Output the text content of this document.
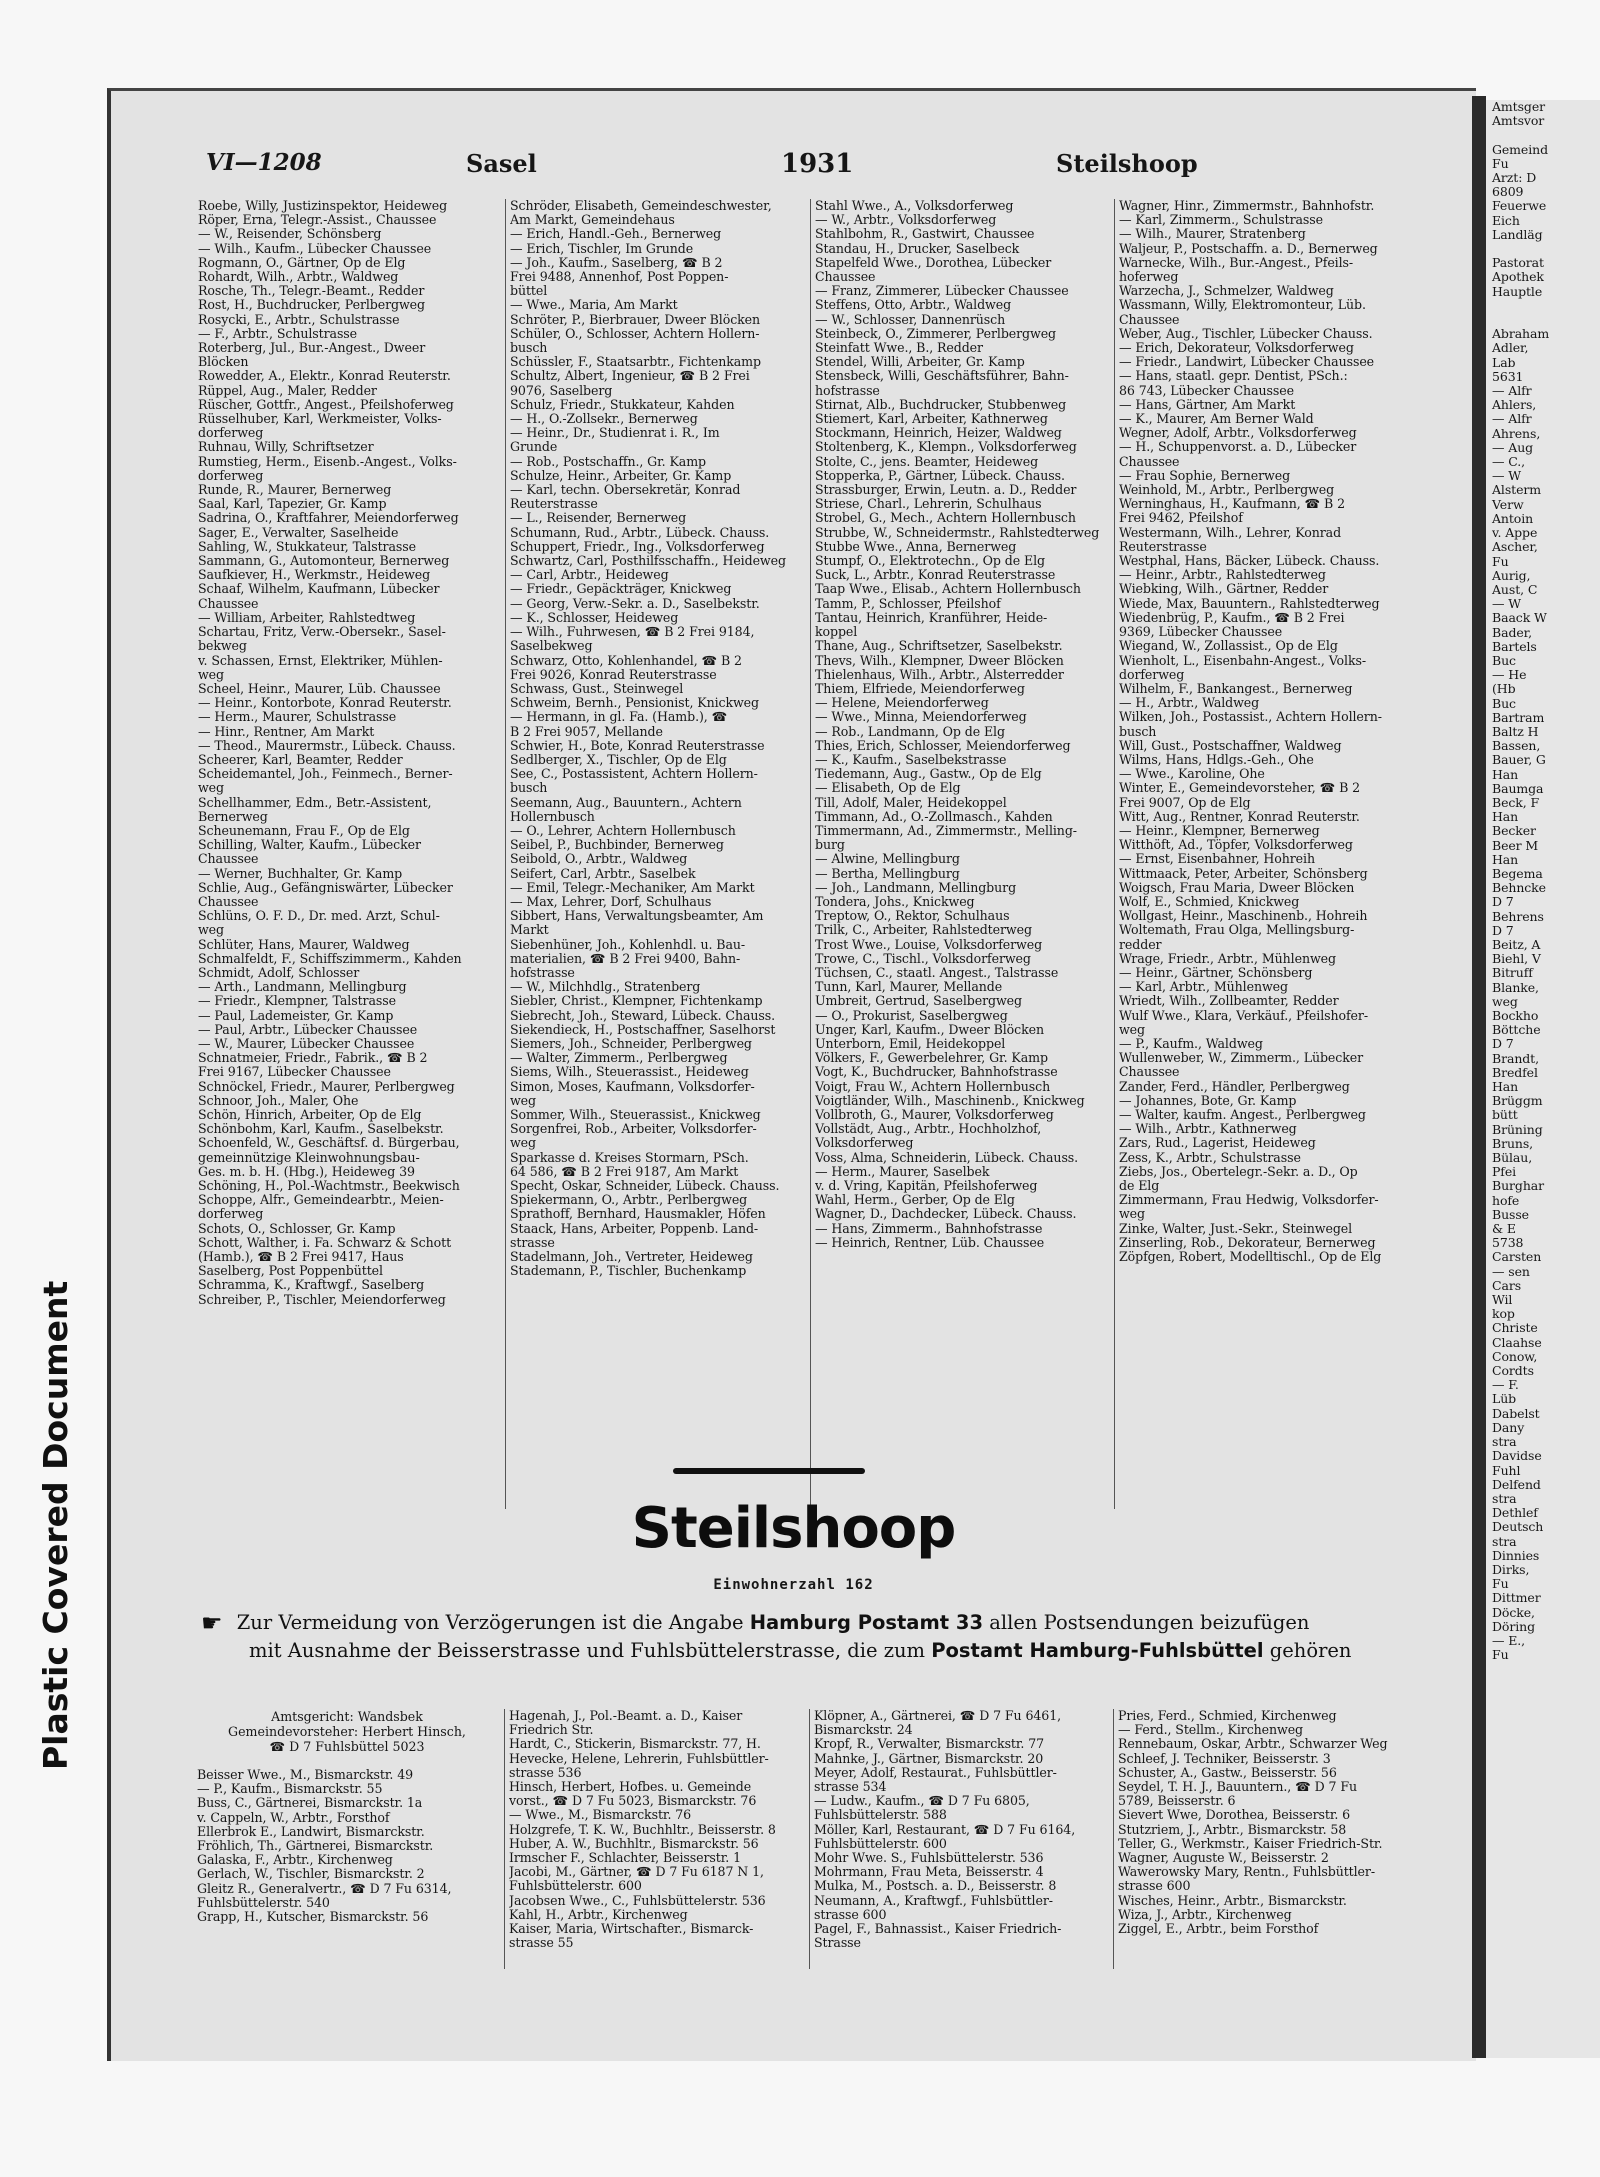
Plastic Covered Document
VI—1208	Sasel	1931	Steilshoop
Roebe, Willy, Justizinspektor, Heideweg
Röper, Erna, Telegr.-Assist., Chaussee
— W., Reisender, Schönsberg
— Wilh., Kaufm., Lübecker Chaussee
Rogmann, O., Gärtner, Op de Elg
Rohardt, Wilh., Arbtr., Waldweg
Rosche, Th., Telegr.-Beamt., Redder
Rost, H., Buchdrucker, Perlbergweg
Rosycki, E., Arbtr., Schulstrasse
— F., Arbtr., Schulstrasse
Roterberg, Jul., Bur.-Angest., Dweer
Blöcken
Rowedder, A., Elektr., Konrad Reuterstr.
Rüppel, Aug., Maler, Redder
Rüscher, Gottfr., Angest., Pfeilshoferweg
Rüsselhuber, Karl, Werkmeister, Volks-
dorferweg
Ruhnau, Willy, Schriftsetzer
Rumstieg, Herm., Eisenb.-Angest., Volks-
dorferweg
Runde, R., Maurer, Bernerweg
Saal, Karl, Tapezier, Gr. Kamp
Sadrina, O., Kraftfahrer, Meiendorferweg
Sager, E., Verwalter, Saselheide
Sahling, W., Stukkateur, Talstrasse
Sammann, G., Automonteur, Bernerweg
Saufkiever, H., Werkmstr., Heideweg
Schaaf, Wilhelm, Kaufmann, Lübecker
Chaussee
— William, Arbeiter, Rahlstedtweg
Schartau, Fritz, Verw.-Obersekr., Sasel-
bekweg
v. Schassen, Ernst, Elektriker, Mühlen-
weg
Scheel, Heinr., Maurer, Lüb. Chaussee
— Heinr., Kontorbote, Konrad Reuterstr.
— Herm., Maurer, Schulstrasse
— Hinr., Rentner, Am Markt
— Theod., Maurermstr., Lübeck. Chauss.
Scheerer, Karl, Beamter, Redder
Scheidemantel, Joh., Feinmech., Berner-
weg
Schellhammer, Edm., Betr.-Assistent,
Bernerweg
Scheunemann, Frau F., Op de Elg
Schilling, Walter, Kaufm., Lübecker
Chaussee
— Werner, Buchhalter, Gr. Kamp
Schlie, Aug., Gefängniswärter, Lübecker
Chaussee
Schlüns, O. F. D., Dr. med. Arzt, Schul-
weg
Schlüter, Hans, Maurer, Waldweg
Schmalfeldt, F., Schiffszimmerm., Kahden
Schmidt, Adolf, Schlosser
— Arth., Landmann, Mellingburg
— Friedr., Klempner, Talstrasse
— Paul, Lademeister, Gr. Kamp
— Paul, Arbtr., Lübecker Chaussee
— W., Maurer, Lübecker Chaussee
Schnatmeier, Friedr., Fabrik., ☎ B 2
Frei 9167, Lübecker Chaussee
Schnöckel, Friedr., Maurer, Perlbergweg
Schnoor, Joh., Maler, Ohe
Schön, Hinrich, Arbeiter, Op de Elg
Schönbohm, Karl, Kaufm., Saselbekstr.
Schoenfeld, W., Geschäftsf. d. Bürgerbau,
gemeinnützige Kleinwohnungsbau-
Ges. m. b. H. (Hbg.), Heideweg 39
Schöning, H., Pol.-Wachtmstr., Beekwisch
Schoppe, Alfr., Gemeindearbtr., Meien-
dorferweg
Schots, O., Schlosser, Gr. Kamp
Schott, Walther, i. Fa. Schwarz & Schott
(Hamb.), ☎ B 2 Frei 9417, Haus
Saselberg, Post Poppenbüttel
Schramma, K., Kraftwgf., Saselberg
Schreiber, P., Tischler, Meiendorferweg
Schröder, Elisabeth, Gemeindeschwester,
Am Markt, Gemeindehaus
— Erich, Handl.-Geh., Bernerweg
— Erich, Tischler, Im Grunde
— Joh., Kaufm., Saselberg, ☎ B 2
Frei 9488, Annenhof, Post Poppen-
büttel
— Wwe., Maria, Am Markt
Schröter, P., Bierbrauer, Dweer Blöcken
Schüler, O., Schlosser, Achtern Hollern-
busch
Schüssler, F., Staatsarbtr., Fichtenkamp
Schultz, Albert, Ingenieur, ☎ B 2 Frei
9076, Saselberg
Schulz, Friedr., Stukkateur, Kahden
— H., O.-Zollsekr., Bernerweg
— Heinr., Dr., Studienrat i. R., Im
Grunde
— Rob., Postschaffn., Gr. Kamp
Schulze, Heinr., Arbeiter, Gr. Kamp
— Karl, techn. Obersekretär, Konrad
Reuterstrasse
— L., Reisender, Bernerweg
Schumann, Rud., Arbtr., Lübeck. Chauss.
Schuppert, Friedr., Ing., Volksdorferweg
Schwartz, Carl, Posthilfsschaffn., Heideweg
— Carl, Arbtr., Heideweg
— Friedr., Gepäckträger, Knickweg
— Georg, Verw.-Sekr. a. D., Saselbekstr.
— K., Schlosser, Heideweg
— Wilh., Fuhrwesen, ☎ B 2 Frei 9184,
Saselbekweg
Schwarz, Otto, Kohlenhandel, ☎ B 2
Frei 9026, Konrad Reuterstrasse
Schwass, Gust., Steinwegel
Schweim, Bernh., Pensionist, Knickweg
— Hermann, in gl. Fa. (Hamb.), ☎
B 2 Frei 9057, Mellande
Schwier, H., Bote, Konrad Reuterstrasse
Sedlberger, X., Tischler, Op de Elg
See, C., Postassistent, Achtern Hollern-
busch
Seemann, Aug., Bauuntern., Achtern
Hollernbusch
— O., Lehrer, Achtern Hollernbusch
Seibel, P., Buchbinder, Bernerweg
Seibold, O., Arbtr., Waldweg
Seifert, Carl, Arbtr., Saselbek
— Emil, Telegr.-Mechaniker, Am Markt
— Max, Lehrer, Dorf, Schulhaus
Sibbert, Hans, Verwaltungsbeamter, Am
Markt
Siebenhüner, Joh., Kohlenhdl. u. Bau-
materialien, ☎ B 2 Frei 9400, Bahn-
hofstrasse
— W., Milchhdlg., Stratenberg
Siebler, Christ., Klempner, Fichtenkamp
Siebrecht, Joh., Steward, Lübeck. Chauss.
Siekendieck, H., Postschaffner, Saselhorst
Siemers, Joh., Schneider, Perlbergweg
— Walter, Zimmerm., Perlbergweg
Siems, Wilh., Steuerassist., Heideweg
Simon, Moses, Kaufmann, Volksdorfer-
weg
Sommer, Wilh., Steuerassist., Knickweg
Sorgenfrei, Rob., Arbeiter, Volksdorfer-
weg
Sparkasse d. Kreises Stormarn, PSch.
64 586, ☎ B 2 Frei 9187, Am Markt
Specht, Oskar, Schneider, Lübeck. Chauss.
Spiekermann, O., Arbtr., Perlbergweg
Sprathoff, Bernhard, Hausmakler, Höfen
Staack, Hans, Arbeiter, Poppenb. Land-
strasse
Stadelmann, Joh., Vertreter, Heideweg
Stademann, P., Tischler, Buchenkamp
Stahl Wwe., A., Volksdorferweg
— W., Arbtr., Volksdorferweg
Stahlbohm, R., Gastwirt, Chaussee
Standau, H., Drucker, Saselbeck
Stapelfeld Wwe., Dorothea, Lübecker
Chaussee
— Franz, Zimmerer, Lübecker Chaussee
Steffens, Otto, Arbtr., Waldweg
— W., Schlosser, Dannenrüsch
Steinbeck, O., Zimmerer, Perlbergweg
Steinfatt Wwe., B., Redder
Stendel, Willi, Arbeiter, Gr. Kamp
Stensbeck, Willi, Geschäftsführer, Bahn-
hofstrasse
Stirnat, Alb., Buchdrucker, Stubbenweg
Stiemert, Karl, Arbeiter, Kathnerweg
Stockmann, Heinrich, Heizer, Waldweg
Stoltenberg, K., Klempn., Volksdorferweg
Stolte, C., jens. Beamter, Heideweg
Stopperka, P., Gärtner, Lübeck. Chauss.
Strassburger, Erwin, Leutn. a. D., Redder
Striese, Charl., Lehrerin, Schulhaus
Strobel, G., Mech., Achtern Hollernbusch
Strubbe, W., Schneidermstr., Rahlstedterweg
Stubbe Wwe., Anna, Bernerweg
Stumpf, O., Elektrotechn., Op de Elg
Suck, L., Arbtr., Konrad Reuterstrasse
Taap Wwe., Elisab., Achtern Hollernbusch
Tamm, P., Schlosser, Pfeilshof
Tantau, Heinrich, Kranführer, Heide-
koppel
Thane, Aug., Schriftsetzer, Saselbekstr.
Thevs, Wilh., Klempner, Dweer Blöcken
Thielenhaus, Wilh., Arbtr., Alsterredder
Thiem, Elfriede, Meiendorferweg
— Helene, Meiendorferweg
— Wwe., Minna, Meiendorferweg
— Rob., Landmann, Op de Elg
Thies, Erich, Schlosser, Meiendorferweg
— K., Kaufm., Saselbekstrasse
Tiedemann, Aug., Gastw., Op de Elg
— Elisabeth, Op de Elg
Till, Adolf, Maler, Heidekoppel
Timmann, Ad., O.-Zollmasch., Kahden
Timmermann, Ad., Zimmermstr., Melling-
burg
— Alwine, Mellingburg
— Bertha, Mellingburg
— Joh., Landmann, Mellingburg
Tondera, Johs., Knickweg
Treptow, O., Rektor, Schulhaus
Trilk, C., Arbeiter, Rahlstedterweg
Trost Wwe., Louise, Volksdorferweg
Trowe, C., Tischl., Volksdorferweg
Tüchsen, C., staatl. Angest., Talstrasse
Tunn, Karl, Maurer, Mellande
Umbreit, Gertrud, Saselbergweg
— O., Prokurist, Saselbergweg
Unger, Karl, Kaufm., Dweer Blöcken
Unterborn, Emil, Heidekoppel
Völkers, F., Gewerbelehrer, Gr. Kamp
Vogt, K., Buchdrucker, Bahnhofstrasse
Voigt, Frau W., Achtern Hollernbusch
Voigtländer, Wilh., Maschinenb., Knickweg
Vollbroth, G., Maurer, Volksdorferweg
Vollstädt, Aug., Arbtr., Hochholzhof,
Volksdorferweg
Voss, Alma, Schneiderin, Lübeck. Chauss.
— Herm., Maurer, Saselbek
v. d. Vring, Kapitän, Pfeilshoferweg
Wahl, Herm., Gerber, Op de Elg
Wagner, D., Dachdecker, Lübeck. Chauss.
— Hans, Zimmerm., Bahnhofstrasse
— Heinrich, Rentner, Lüb. Chaussee
Wagner, Hinr., Zimmermstr., Bahnhofstr.
— Karl, Zimmerm., Schulstrasse
— Wilh., Maurer, Stratenberg
Waljeur, P., Postschaffn. a. D., Bernerweg
Warnecke, Wilh., Bur.-Angest., Pfeils-
hoferweg
Warzecha, J., Schmelzer, Waldweg
Wassmann, Willy, Elektromonteur, Lüb.
Chaussee
Weber, Aug., Tischler, Lübecker Chauss.
— Erich, Dekorateur, Volksdorferweg
— Friedr., Landwirt, Lübecker Chaussee
— Hans, staatl. gepr. Dentist, PSch.:
86 743, Lübecker Chaussee
— Hans, Gärtner, Am Markt
— K., Maurer, Am Berner Wald
Wegner, Adolf, Arbtr., Volksdorferweg
— H., Schuppenvorst. a. D., Lübecker
Chaussee
— Frau Sophie, Bernerweg
Weinhold, M., Arbtr., Perlbergweg
Werninghaus, H., Kaufmann, ☎ B 2
Frei 9462, Pfeilshof
Westermann, Wilh., Lehrer, Konrad
Reuterstrasse
Westphal, Hans, Bäcker, Lübeck. Chauss.
— Heinr., Arbtr., Rahlstedterweg
Wiebking, Wilh., Gärtner, Redder
Wiede, Max, Bauuntern., Rahlstedterweg
Wiedenbrüg, P., Kaufm., ☎ B 2 Frei
9369, Lübecker Chaussee
Wiegand, W., Zollassist., Op de Elg
Wienholt, L., Eisenbahn-Angest., Volks-
dorferweg
Wilhelm, F., Bankangest., Bernerweg
— H., Arbtr., Waldweg
Wilken, Joh., Postassist., Achtern Hollern-
busch
Will, Gust., Postschaffner, Waldweg
Wilms, Hans, Hdlgs.-Geh., Ohe
— Wwe., Karoline, Ohe
Winter, E., Gemeindevorsteher, ☎ B 2
Frei 9007, Op de Elg
Witt, Aug., Rentner, Konrad Reuterstr.
— Heinr., Klempner, Bernerweg
Witthöft, Ad., Töpfer, Volksdorferweg
— Ernst, Eisenbahner, Hohreih
Wittmaack, Peter, Arbeiter, Schönsberg
Woigsch, Frau Maria, Dweer Blöcken
Wolf, E., Schmied, Knickweg
Wollgast, Heinr., Maschinenb., Hohreih
Woltemath, Frau Olga, Mellingsburg-
redder
Wrage, Friedr., Arbtr., Mühlenweg
— Heinr., Gärtner, Schönsberg
— Karl, Arbtr., Mühlenweg
Wriedt, Wilh., Zollbeamter, Redder
Wulf Wwe., Klara, Verkäuf., Pfeilshofer-
weg
— P., Kaufm., Waldweg
Wullenweber, W., Zimmerm., Lübecker
Chaussee
Zander, Ferd., Händler, Perlbergweg
— Johannes, Bote, Gr. Kamp
— Walter, kaufm. Angest., Perlbergweg
— Wilh., Arbtr., Kathnerweg
Zars, Rud., Lagerist, Heideweg
Zess, K., Arbtr., Schulstrasse
Ziebs, Jos., Obertelegr.-Sekr. a. D., Op
de Elg
Zimmermann, Frau Hedwig, Volksdorfer-
weg
Zinke, Walter, Just.-Sekr., Steinwegel
Zinserling, Rob., Dekorateur, Bernerweg
Zöpfgen, Robert, Modelltischl., Op de Elg
Steilshoop
Einwohnerzahl 162
☛ Zur Vermeidung von Verzögerungen ist die Angabe Hamburg Postamt 33 allen Postsendungen beizufügen
mit Ausnahme der Beisserstrasse und Fuhlsbüttelerstrasse, die zum Postamt Hamburg-Fuhlsbüttel gehören
Amtsgericht: Wandsbek
Gemeindevorsteher: Herbert Hinsch,
☎ D 7 Fuhlsbüttel 5023
Beisser Wwe., M., Bismarckstr. 49
— P., Kaufm., Bismarckstr. 55
Buss, C., Gärtnerei, Bismarckstr. 1a
v. Cappeln, W., Arbtr., Forsthof
Ellerbrok E., Landwirt, Bismarckstr.
Fröhlich, Th., Gärtnerei, Bismarckstr.
Galaska, F., Arbtr., Kirchenweg
Gerlach, W., Tischler, Bismarckstr. 2
Gleitz R., Generalvertr., ☎ D 7 Fu 6314,
Fuhlsbüttelerstr. 540
Grapp, H., Kutscher, Bismarckstr. 56
Hagenah, J., Pol.-Beamt. a. D., Kaiser
Friedrich Str.
Hardt, C., Stickerin, Bismarckstr. 77, H.
Hevecke, Helene, Lehrerin, Fuhlsbüttler-
strasse 536
Hinsch, Herbert, Hofbes. u. Gemeinde
vorst., ☎ D 7 Fu 5023, Bismarckstr. 76
— Wwe., M., Bismarckstr. 76
Holzgrefe, T. K. W., Buchhltr., Beisserstr. 8
Huber, A. W., Buchhltr., Bismarckstr. 56
Irmscher F., Schlachter, Beisserstr. 1
Jacobi, M., Gärtner, ☎ D 7 Fu 6187 N 1,
Fuhlsbüttelerstr. 600
Jacobsen Wwe., C., Fuhlsbüttelerstr. 536
Kahl, H., Arbtr., Kirchenweg
Kaiser, Maria, Wirtschafter., Bismarck-
strasse 55
Klöpner, A., Gärtnerei, ☎ D 7 Fu 6461,
Bismarckstr. 24
Kropf, R., Verwalter, Bismarckstr. 77
Mahnke, J., Gärtner, Bismarckstr. 20
Meyer, Adolf, Restaurat., Fuhlsbüttler-
strasse 534
— Ludw., Kaufm., ☎ D 7 Fu 6805,
Fuhlsbüttelerstr. 588
Möller, Karl, Restaurant, ☎ D 7 Fu 6164,
Fuhlsbüttelerstr. 600
Mohr Wwe. S., Fuhlsbüttelerstr. 536
Mohrmann, Frau Meta, Beisserstr. 4
Mulka, M., Postsch. a. D., Beisserstr. 8
Neumann, A., Kraftwgf., Fuhlsbüttler-
strasse 600
Pagel, F., Bahnassist., Kaiser Friedrich-
Strasse
Pries, Ferd., Schmied, Kirchenweg
— Ferd., Stellm., Kirchenweg
Rennebaum, Oskar, Arbtr., Schwarzer Weg
Schleef, J. Techniker, Beisserstr. 3
Schuster, A., Gastw., Beisserstr. 56
Seydel, T. H. J., Bauuntern., ☎ D 7 Fu
5789, Beisserstr. 6
Sievert Wwe, Dorothea, Beisserstr. 6
Stutzriem, J., Arbtr., Bismarckstr. 58
Teller, G., Werkmstr., Kaiser Friedrich-Str.
Wagner, Auguste W., Beisserstr. 2
Wawerowsky Mary, Rentn., Fuhlsbüttler-
strasse 600
Wisches, Heinr., Arbtr., Bismarckstr.
Wiza, J., Arbtr., Kirchenweg
Ziggel, E., Arbtr., beim Forsthof
Amtsger
Amtsvor

Gemeind
Fu
Arzt: D
6809
Feuerwe
Eich
Landläg

Pastorat
Apothek
Hauptle

Abraham
Adler,
Lab
5631
— Alfr
Ahlers,
— Alfr
Ahrens,
— Aug
— C.,
— W
Alsterm
Verw
Antoin
v. Appe
Ascher,
Fu
Aurig,
Aust, C
— W
Baack W
Bader,
Bartels
Buc
— He
(Hb
Buc
Bartram
Baltz H
Bassen,
Bauer, G
Han
Baumga
Beck, F
Han
Becker
Beer M
Han
Begema
Behncke
D 7
Behrens
D 7
Beitz, A
Biehl, V
Bitruff
Blanke,
weg
Bockho
Böttche
D 7
Brandt,
Bredfel
Han
Brüggm
bütt
Brüning
Bruns,
Bülau,
Pfei
Burghar
hofe
Busse
& E
5738
Carsten
— sen
Cars
Wil
kop
Christe
Claahse
Conow,
Cordts
— F.
Lüb
Dabelst
Dany
stra
Davidse
Fuhl
Delfend
stra
Dethlef
Deutsch
stra
Dinnies
Dirks,
Fu
Dittmer
Döcke,
Döring
— E.,
Fu
